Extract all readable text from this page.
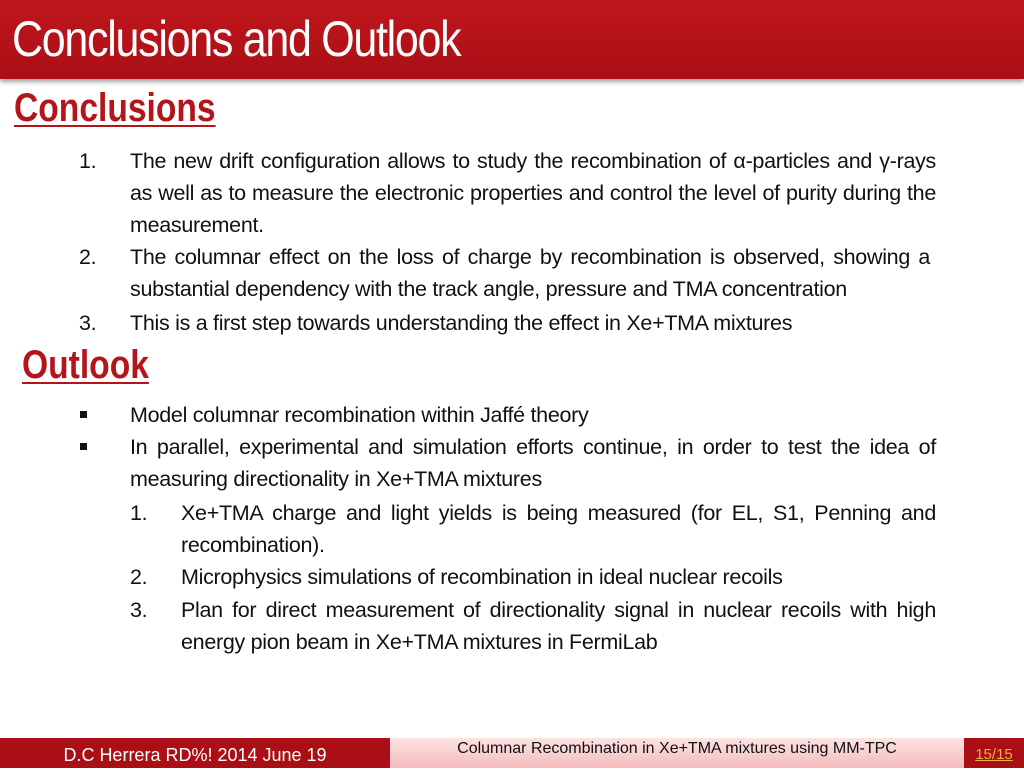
Conclusions and Outlook
Conclusions
1. The new drift configuration allows to study the recombination of α-particles and γ-rays as well as to measure the electronic properties and control the level of purity during the measurement.
2. The columnar effect on the loss of charge by recombination is observed, showing a substantial dependency with the track angle, pressure and TMA concentration
3. This is a first step towards understanding the effect in Xe+TMA mixtures
Outlook
Model columnar recombination within Jaffé theory
In parallel, experimental and simulation efforts continue, in order to test the idea of measuring directionality in Xe+TMA mixtures
1. Xe+TMA charge and light yields is being measured (for EL, S1, Penning and recombination).
2. Microphysics simulations of recombination in ideal nuclear recoils
3. Plan for direct measurement of directionality signal in nuclear recoils with high energy pion beam in Xe+TMA mixtures in FermiLab
D.C Herrera RD%! 2014 June 19	Columnar Recombination in Xe+TMA mixtures using MM-TPC	15/15
